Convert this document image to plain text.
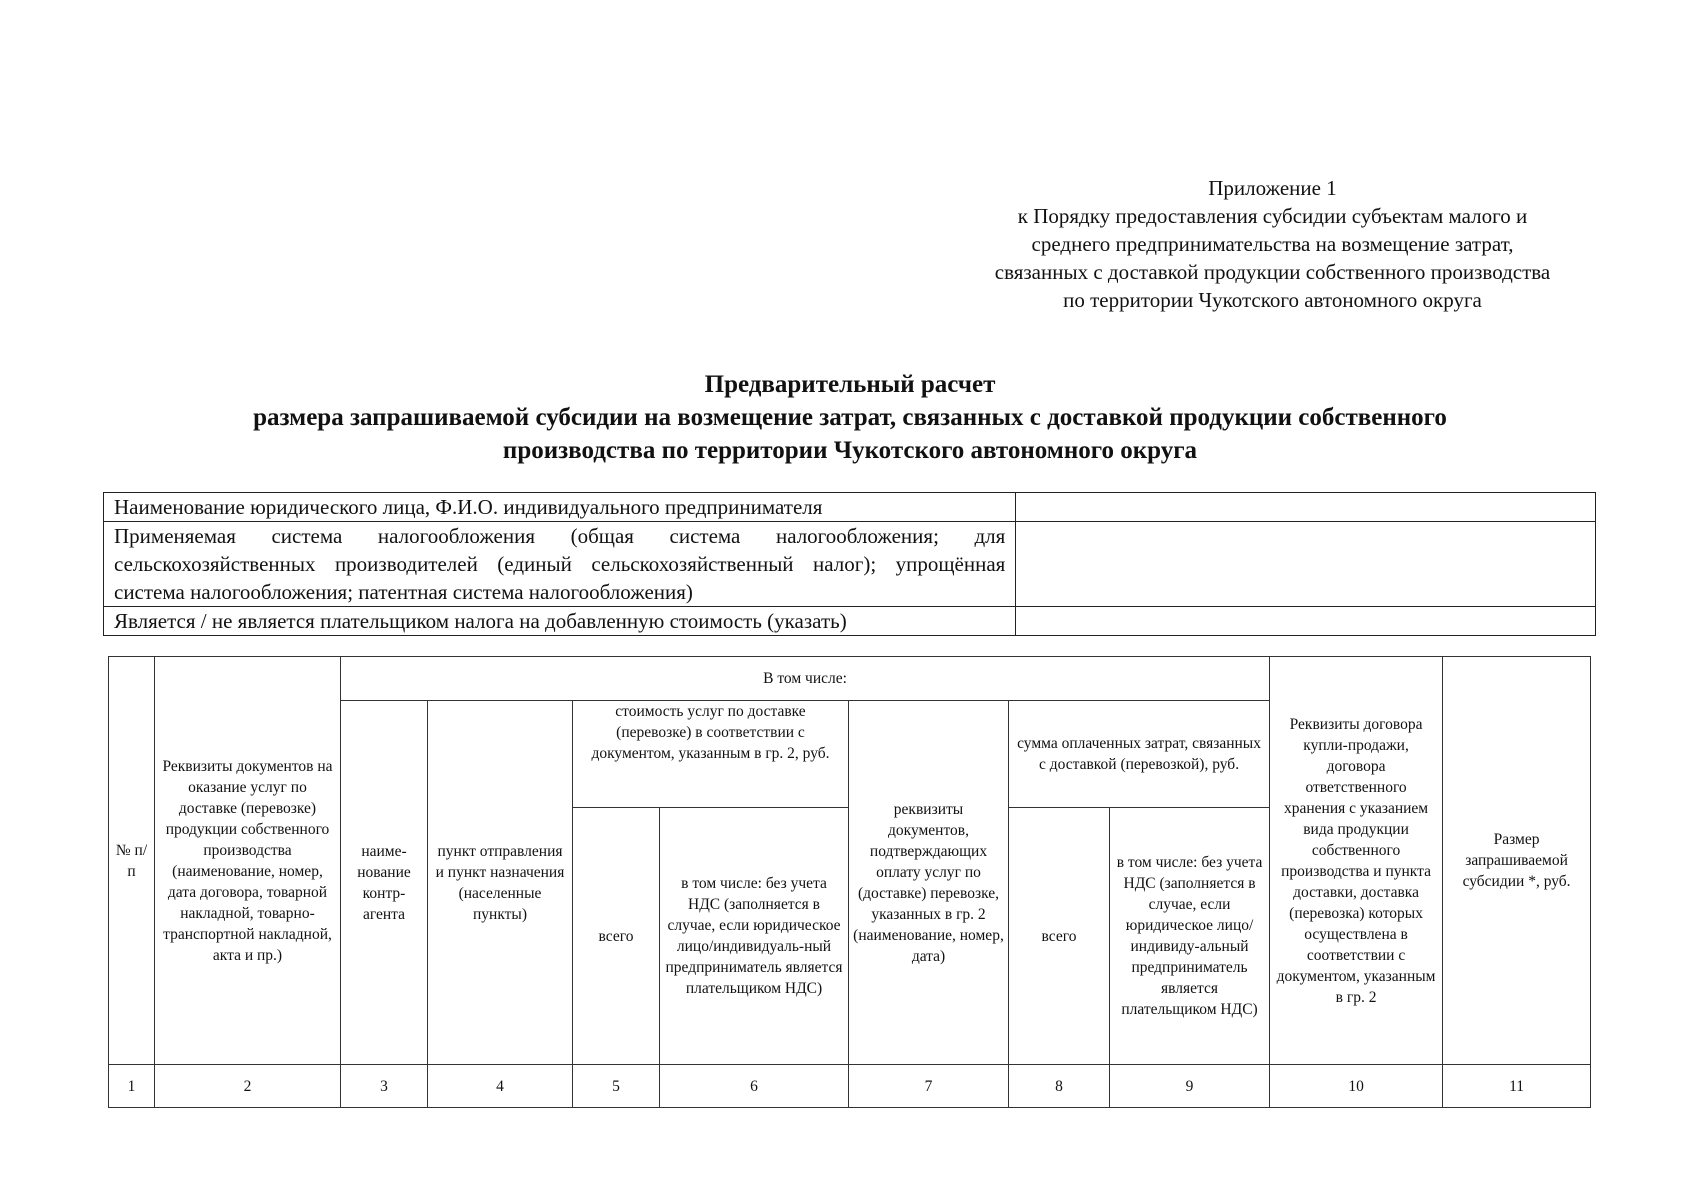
Приложение 1
к Порядку предоставления субсидии субъектам малого и
среднего предпринимательства на возмещение затрат,
связанных с доставкой продукции собственного производства
по территории Чукотского автономного округа
Предварительный расчет
размера запрашиваемой субсидии на возмещение затрат, связанных с доставкой продукции собственного
производства по территории Чукотского автономного округа
Наименование юридического лица, Ф.И.О. индивидуального предпринимателя	
Применяемая система налогообложения (общая система налогообложения; для сельскохозяйственных производителей (единый сельскохозяйственный налог); упрощённая система налогообложения; патентная система налогообложения)	
Является / не является плательщиком налога на добавленную стоимость (указать)	
№ п/п	Реквизиты документов на оказание услуг по доставке (перевозке) продукции собственного производства (наименование, номер, дата договора, товарной накладной, товарно-транспортной накладной, акта и пр.)	В том числе:							Реквизиты договора купли-продажи, договора ответственного хранения с указанием вида продукции собственного производства и пункта доставки, доставка (перевозка) которых осуществлена в соответствии с документом, указанным в гр. 2	Размер запрашиваемой субсидии *, руб.
		наиме-нование контр-агента	пункт отправления и пункт назначения (населенные пункты)	стоимость услуг по доставке (перевозке) в соответствии с документом, указанным в гр. 2, руб.		реквизиты документов, подтверждающих оплату услуг по (доставке) перевозке, указанных в гр. 2 (наименование, номер, дата)	сумма оплаченных затрат, связанных с доставкой (перевозкой), руб.			
				всего	в том числе: без учета НДС (заполняется в случае, если юридическое лицо/индивидуаль-ный предприниматель является плательщиком НДС)		всего	в том числе: без учета НДС (заполняется в случае, если юридическое лицо/индивиду-альный предприниматель является плательщиком НДС)		
1	2	3	4	5	6	7	8	9	10	11
